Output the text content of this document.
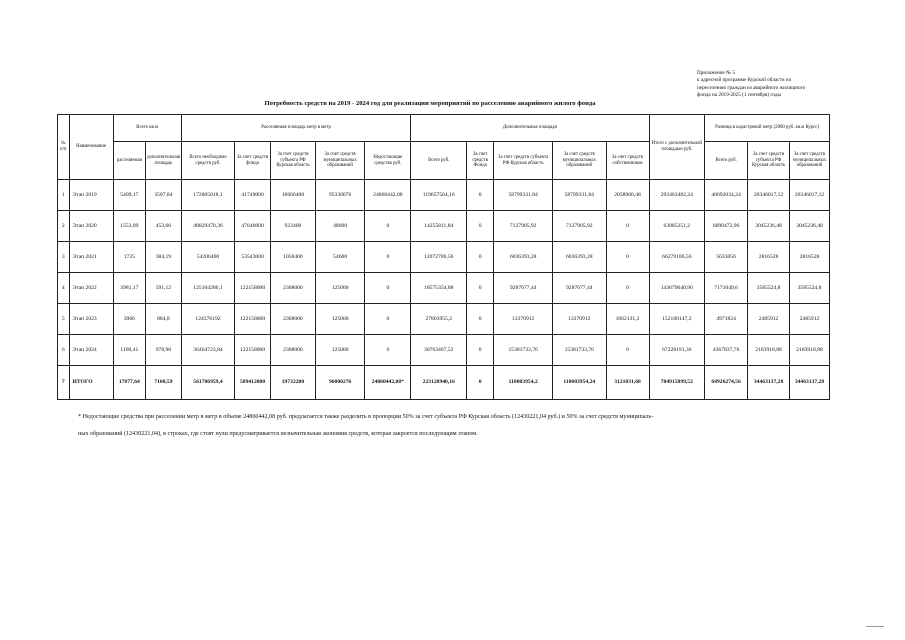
Приложение № 5
к адресной программе Курской области по
переселению граждан из аварийного жилищного
фонда на 2019-2025 (1 сентября) годы
Потребность средств на 2019 - 2024 год для реализации мероприятий по расселению аварийного жилого фонда
№ п/п	Наименование	Всего кв.м		Расселяемая площадь метр в метр					Дополнительные площади					Итого с дополнительной площадью руб.	Разница в кадастровой метр (2000 руб. кв.м Курсс)		
		расселяемая	дополнительная площадь	Всего необходимо средств руб.	За счет средств фонда	За счет средств субъекта РФ Курская область	За счет средств муниципальных образований	Недостающие средства руб.	Всего руб.	За счет средств Фонда	За счет средств субъекта РФ Курская область	За счет средств муниципальных образований	За счет средств собственников		Всего руб.	За счет средств субъекта РФ Курская область	За счет средств муниципальных образований
1	Этап 2019	5409,17	3507,84	172805018,1	41749000	10666400	95330076	24860442,08	119657564,16	0	58799331,84	58799331,84	2058900,48	292463482,24	40692034,24	20346017,12	20346017,12
2	Этап 2020	1553,89	453,66	48829470,36	47646000	923400	48600	0	14255811,84	0	7127905,92	7127905,92	0	63085251,2	6090472,96	3045236,48	3045236,48
3	Этап 2021	1725	384,19	54206400	53543000	1058400	54600	0	12072786,56	0	6036393,28	6036393,28	0	66279186,56	5633056	2816528	2816528
4	Этап 2022	3981,17	591,12	125104286,1	122158000	2368000	125000	0	18575354,88	0	9287677,44	9287677,44	0	143679640,96	7171049,6	3585524,8	3585524,8
5	Этап 2023	3966	884,8	124376192	122158000	2368000	125000	0	27803955,2	0	13370912	13370912	1062131,2	152180147,2	4971824	2485912	2485912
6	Этап 2024	1160,41	978,98	36464723,84	122158000	2368000	125000	0	30763467,52	0	15381733,76	15381733,76	0	67228191,36	4367837,76	2183918,88	2183918,88
7	ИТОГО	17877,64	7100,59	561786959,4	509412000	19732200	96000276	24860442,08*	223128940,16	0	110003954,2	110003954,24	3121031,68	784915899,52	68926274,56	34463137,28	34463137,28
* Недостающие средства при расселении метр в метр в объеме 24860442,08 руб. предлагается также разделить в пропорции 50% за счет субъекта РФ Курская область (12430221,04 руб.) и 50% за счет средств муниципаль-
ных образований (12430221,04), в строках, где стоят нули предусматривается незначительная экономия средств, которая закроется последующим этапом.
